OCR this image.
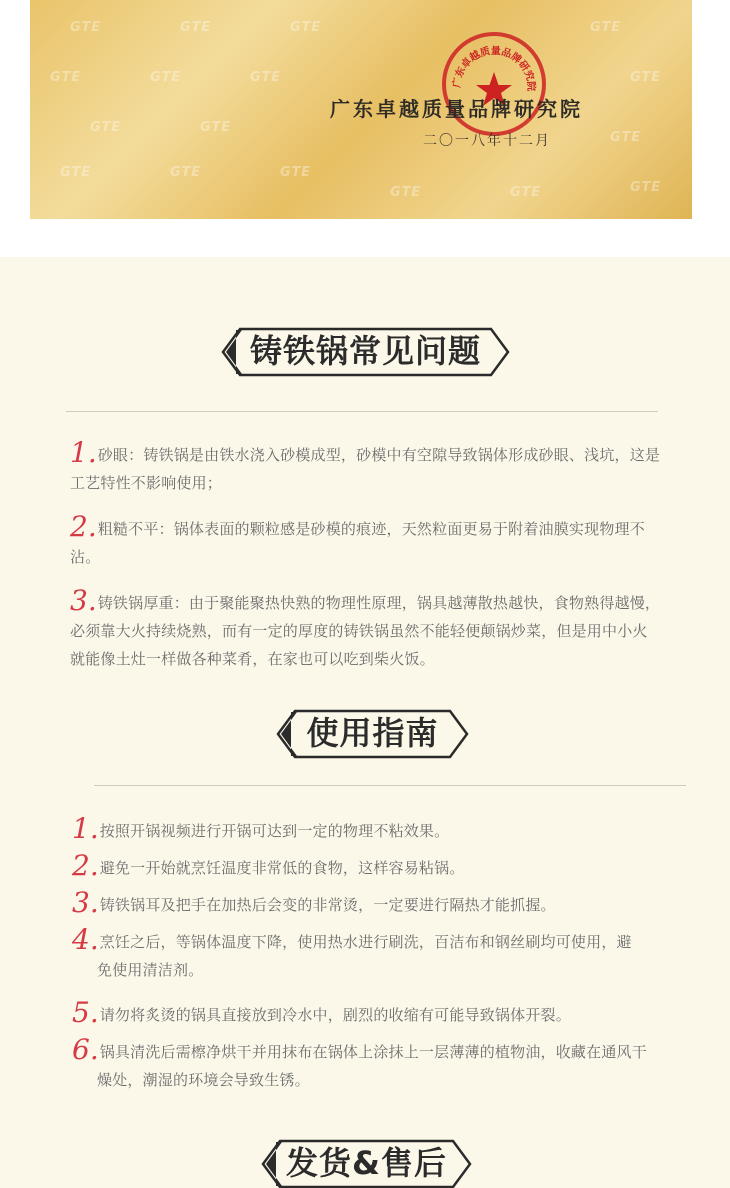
GTE	GTE	GTE	GTE
GTE	GTE	GTE	GTE
GTE	GTE
GTE
GTE	GTE	GTE
GTE	GTE	GTE
广东卓越质量品牌研究院
广东卓越质量品牌研究院
二〇一八年十二月
铸铁锅常见问题
1.砂眼：铸铁锅是由铁水浇入砂模成型，砂模中有空隙导致锅体形成砂眼、浅坑，这是工艺特性不影响使用；
2.粗糙不平：锅体表面的颗粒感是砂模的痕迹，天然粒面更易于附着油膜实现物理不沾。
3.铸铁锅厚重：由于聚能聚热快熟的物理性原理，锅具越薄散热越快，食物熟得越慢，必须靠大火持续烧熟，而有一定的厚度的铸铁锅虽然不能轻便颠锅炒菜，但是用中小火就能像土灶一样做各种菜肴，在家也可以吃到柴火饭。
使用指南
1.按照开锅视频进行开锅可达到一定的物理不粘效果。
2.避免一开始就烹饪温度非常低的食物，这样容易粘锅。
3.铸铁锅耳及把手在加热后会变的非常烫，一定要进行隔热才能抓握。
4.烹饪之后，等锅体温度下降，使用热水进行刷洗，百洁布和钢丝刷均可使用，避免使用清洁剂。
5.请勿将炙烫的锅具直接放到冷水中，剧烈的收缩有可能导致锅体开裂。
6.锅具清洗后需檫净烘干并用抹布在锅体上涂抹上一层薄薄的植物油，收藏在通风干燥处，潮湿的环境会导致生锈。
发货&售后
